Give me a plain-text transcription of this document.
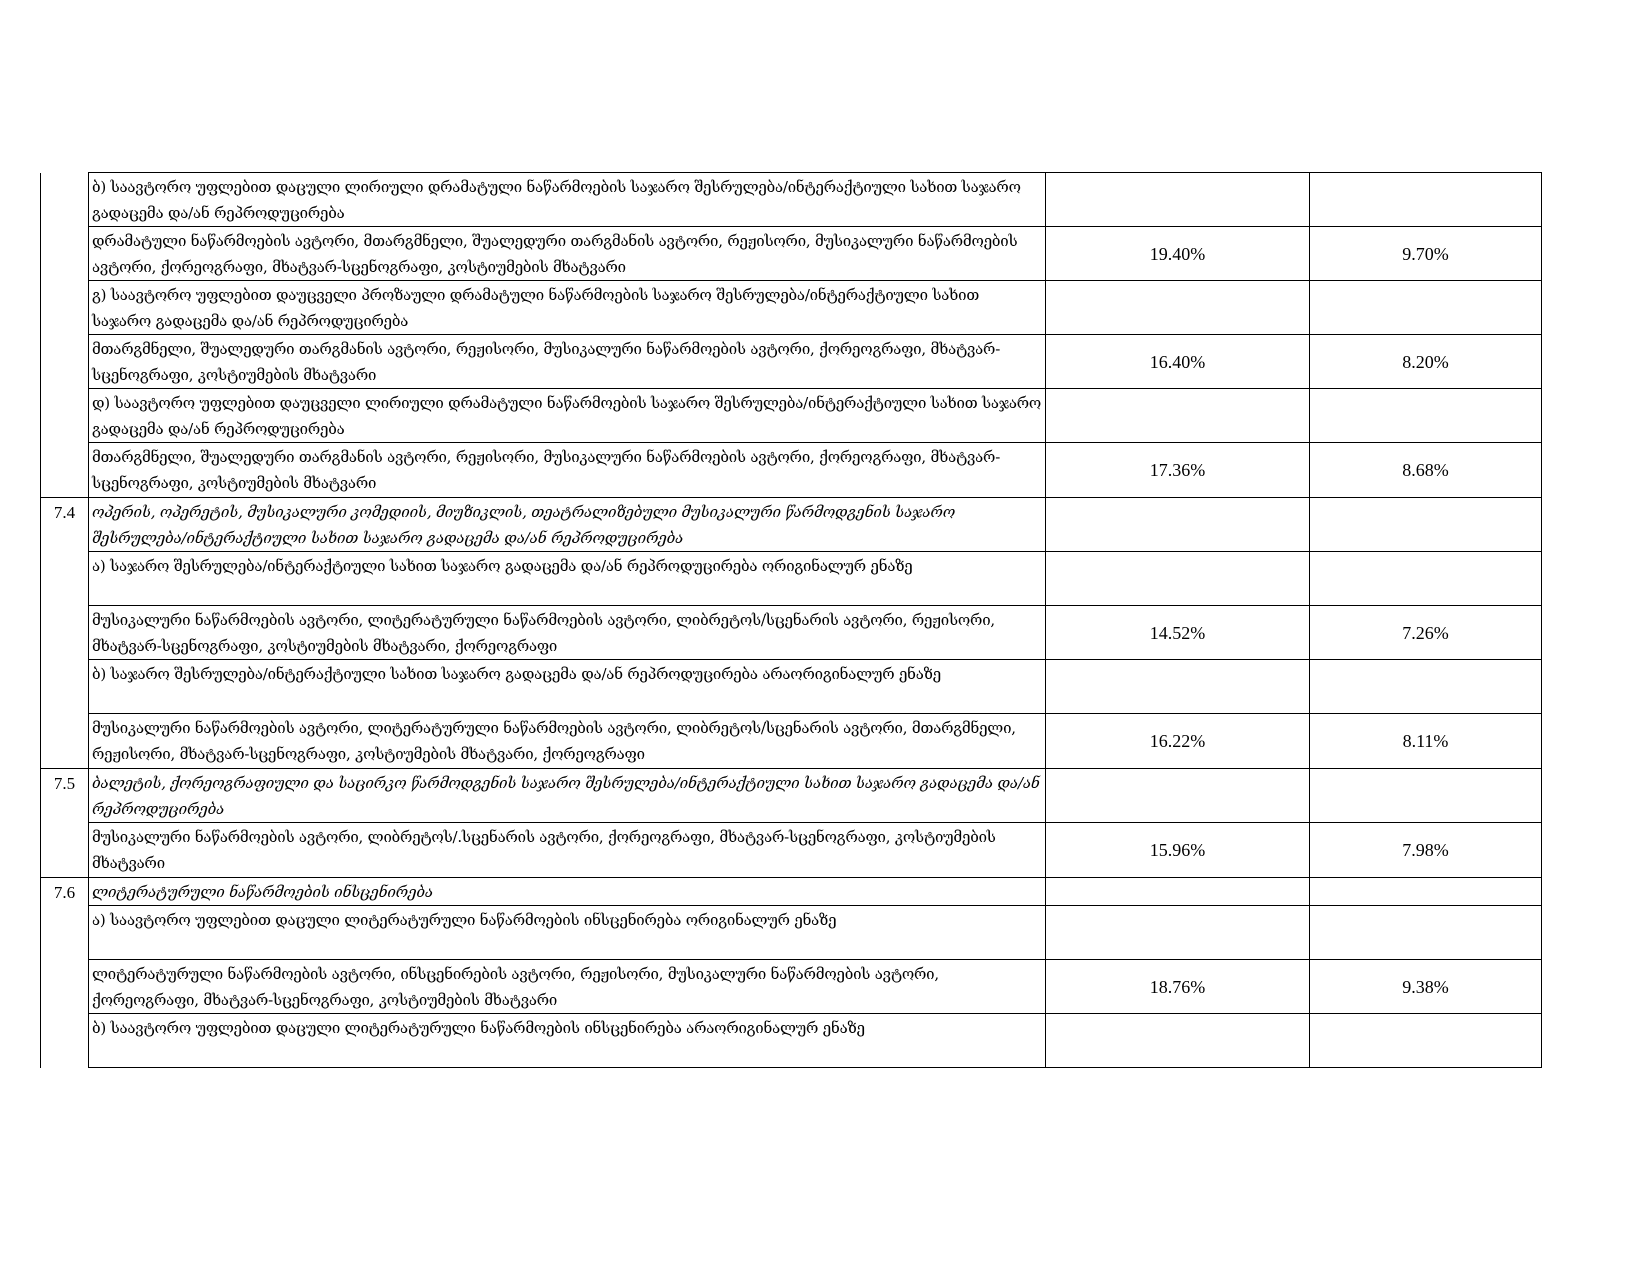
	ბ) საავტორო უფლებით დაცული ლირიული დრამატული ნაწარმოების საჯარო შესრულება/ინტერაქტიული სახით საჯარო გადაცემა და/ან რეპროდუცირება		
	დრამატული ნაწარმოების ავტორი, მთარგმნელი, შუალედური თარგმანის ავტორი, რეჟისორი, მუსიკალური ნაწარმოების ავტორი, ქორეოგრაფი, მხატვარ-სცენოგრაფი, კოსტიუმების მხატვარი	19.40%	9.70%
	გ) საავტორო უფლებით დაუცველი პროზაული დრამატული ნაწარმოების საჯარო შესრულება/ინტერაქტიული სახით საჯარო გადაცემა და/ან რეპროდუცირება		
	მთარგმნელი, შუალედური თარგმანის ავტორი, რეჟისორი, მუსიკალური ნაწარმოების ავტორი, ქორეოგრაფი, მხატვარ-სცენოგრაფი, კოსტიუმების მხატვარი	16.40%	8.20%
	დ) საავტორო უფლებით დაუცველი ლირიული დრამატული ნაწარმოების საჯარო შესრულება/ინტერაქტიული სახით საჯარო გადაცემა და/ან რეპროდუცირება		
	მთარგმნელი, შუალედური თარგმანის ავტორი, რეჟისორი, მუსიკალური ნაწარმოების ავტორი, ქორეოგრაფი, მხატვარ-სცენოგრაფი, კოსტიუმების მხატვარი	17.36%	8.68%
7.4	ოპერის, ოპერეტის, მუსიკალური კომედიის, მიუზიკლის, თეატრალიზებული მუსიკალური წარმოდგენის საჯარო შესრულება/ინტერაქტიული სახით საჯარო გადაცემა და/ან რეპროდუცირება		
	ა) საჯარო შესრულება/ინტერაქტიული სახით საჯარო გადაცემა და/ან რეპროდუცირება ორიგინალურ ენაზე		
	მუსიკალური ნაწარმოების ავტორი, ლიტერატურული ნაწარმოების ავტორი, ლიბრეტოს/სცენარის ავტორი, რეჟისორი, მხატვარ-სცენოგრაფი, კოსტიუმების მხატვარი, ქორეოგრაფი	14.52%	7.26%
	ბ) საჯარო შესრულება/ინტერაქტიული სახით საჯარო გადაცემა და/ან რეპროდუცირება არაორიგინალურ ენაზე		
	მუსიკალური ნაწარმოების ავტორი, ლიტერატურული ნაწარმოების ავტორი, ლიბრეტოს/სცენარის ავტორი, მთარგმნელი, რეჟისორი, მხატვარ-სცენოგრაფი, კოსტიუმების მხატვარი, ქორეოგრაფი	16.22%	8.11%
7.5	ბალეტის, ქორეოგრაფიული და საცირკო წარმოდგენის საჯარო შესრულება/ინტერაქტიული სახით საჯარო გადაცემა და/ან რეპროდუცირება		
	მუსიკალური ნაწარმოების ავტორი, ლიბრეტოს/.სცენარის ავტორი, ქორეოგრაფი, მხატვარ-სცენოგრაფი, კოსტიუმების მხატვარი	15.96%	7.98%
7.6	ლიტერატურული ნაწარმოების ინსცენირება		
	ა) საავტორო უფლებით დაცული ლიტერატურული ნაწარმოების ინსცენირება ორიგინალურ ენაზე		
	ლიტერატურული ნაწარმოების ავტორი, ინსცენირების ავტორი, რეჟისორი, მუსიკალური ნაწარმოების ავტორი, ქორეოგრაფი, მხატვარ-სცენოგრაფი, კოსტიუმების მხატვარი	18.76%	9.38%
	ბ) საავტორო უფლებით დაცული ლიტერატურული ნაწარმოების ინსცენირება არაორიგინალურ ენაზე		
